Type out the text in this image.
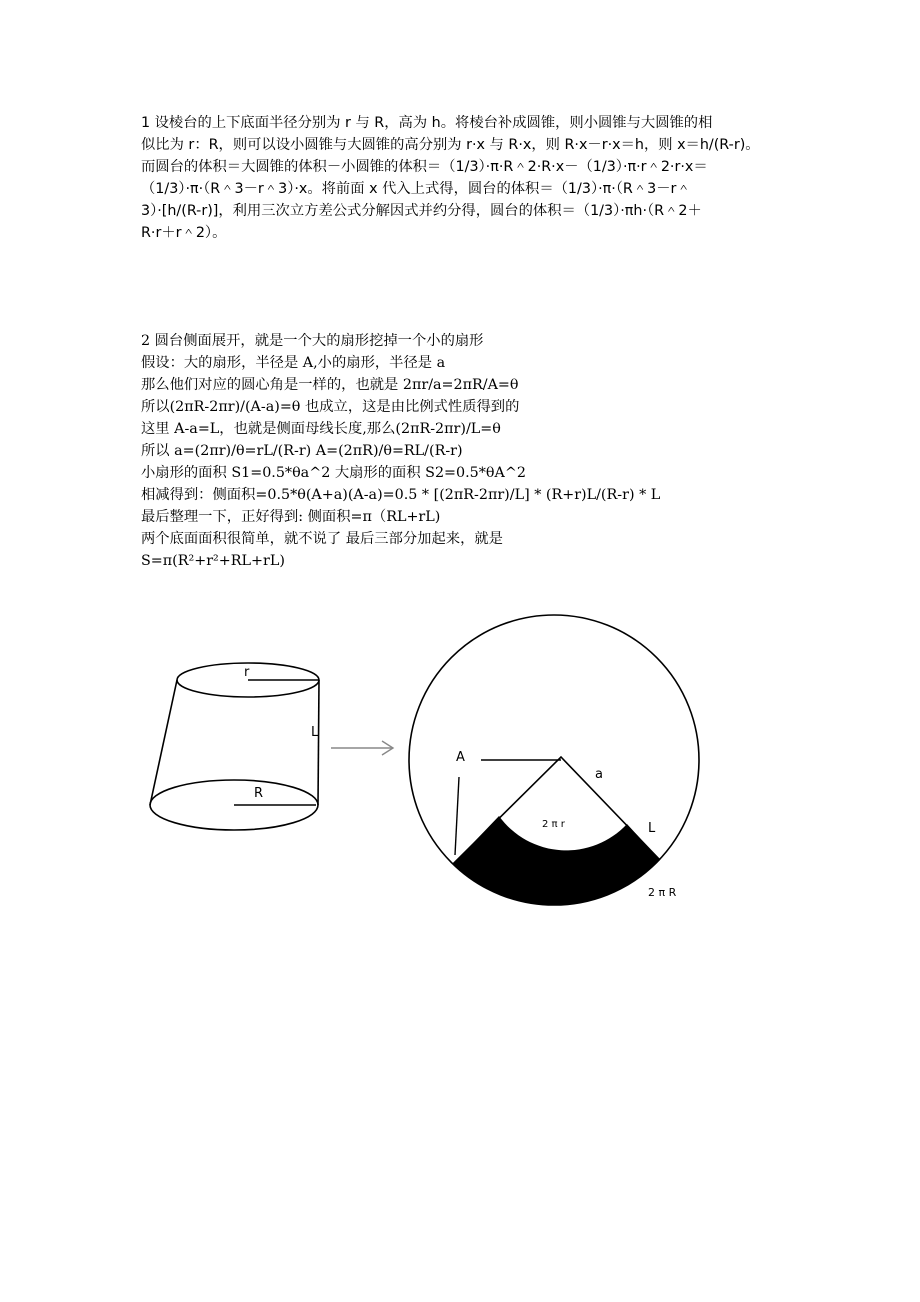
1 设棱台的上下底面半径分别为 r 与 R，高为 h。将棱台补成圆锥，则小圆锥与大圆锥的相
似比为 r：R，则可以设小圆锥与大圆锥的高分别为 r·x 与 R·x，则 R·x－r·x＝h，则 x＝h/(R-r)。
而圆台的体积＝大圆锥的体积－小圆锥的体积＝（1/3）·π·R＾2·R·x－（1/3）·π·r＾2·r·x＝
（1/3）·π·（R＾3－r＾3）·x。将前面 x 代入上式得，圆台的体积＝（1/3）·π·（R＾3－r＾
3）·[h/(R-r)]，利用三次立方差公式分解因式并约分得，圆台的体积＝（1/3）·πh·（R＾2＋
R·r＋r＾2）。
2 圆台侧面展开，就是一个大的扇形挖掉一个小的扇形
假设：大的扇形，半径是 A,小的扇形，半径是 a
那么他们对应的圆心角是一样的，也就是 2πr/a=2πR/A=θ
所以(2πR-2πr)/(A-a)=θ 也成立，这是由比例式性质得到的
这里 A-a=L，也就是侧面母线长度,那么(2πR-2πr)/L=θ
所以 a=(2πr)/θ=rL/(R-r) A=(2πR)/θ=RL/(R-r)
小扇形的面积 S1=0.5*θa^2 大扇形的面积 S2=0.5*θA^2
相减得到：侧面积=0.5*θ(A+a)(A-a)=0.5 * [(2πR-2πr)/L] * (R+r)L/(R-r) * L
最后整理一下，正好得到: 侧面积=π（RL+rL)
两个底面面积很简单，就不说了 最后三部分加起来，就是
S=π(R²+r²+RL+rL)
r
L
R
A
a
2 π r	L
2 π R
